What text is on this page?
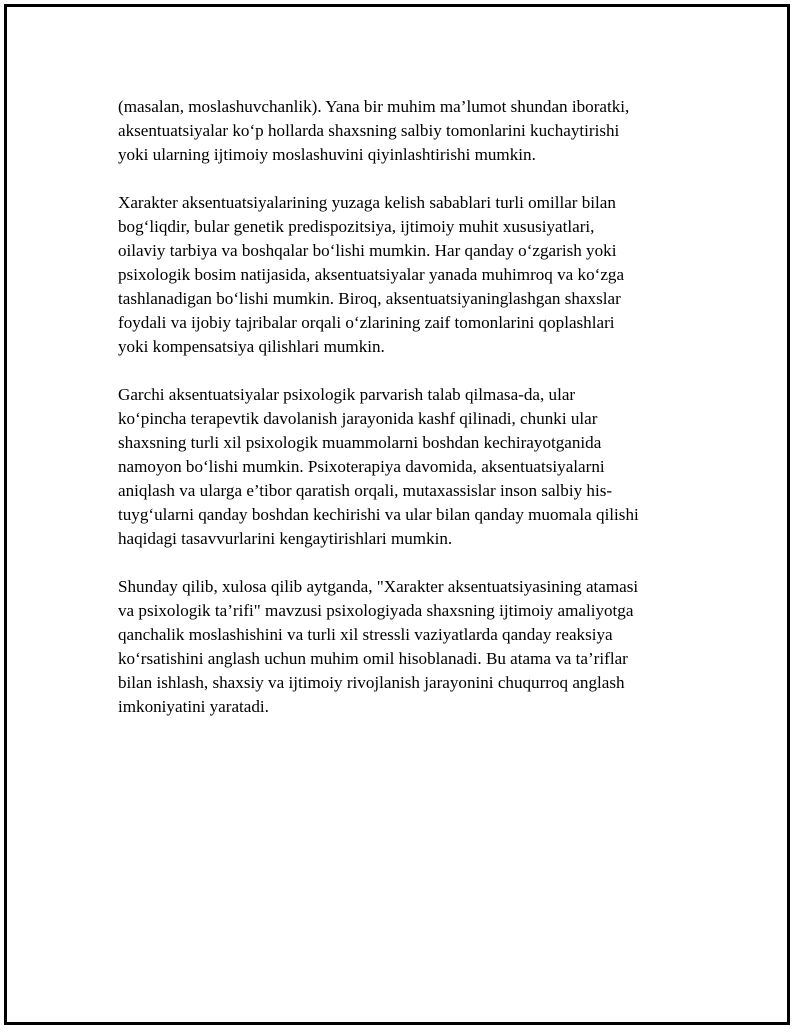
(masalan, moslashuvchanlik). Yana bir muhim ma’lumot shundan iboratki,
aksentuatsiyalar ko‘p hollarda shaxsning salbiy tomonlarini kuchaytirishi
yoki ularning ijtimoiy moslashuvini qiyinlashtirishi mumkin.

Xarakter aksentuatsiyalarining yuzaga kelish sabablari turli omillar bilan
bog‘liqdir, bular genetik predispozitsiya, ijtimoiy muhit xususiyatlari,
oilaviy tarbiya va boshqalar bo‘lishi mumkin. Har qanday o‘zgarish yoki
psixologik bosim natijasida, aksentuatsiyalar yanada muhimroq va ko‘zga
tashlanadigan bo‘lishi mumkin. Biroq, aksentuatsiyaninglashgan shaxslar
foydali va ijobiy tajribalar orqali o‘zlarining zaif tomonlarini qoplashlari
yoki kompensatsiya qilishlari mumkin.

Garchi aksentuatsiyalar psixologik parvarish talab qilmasa-da, ular
ko‘pincha terapevtik davolanish jarayonida kashf qilinadi, chunki ular
shaxsning turli xil psixologik muammolarni boshdan kechirayotganida
namoyon bo‘lishi mumkin. Psixoterapiya davomida, aksentuatsiyalarni
aniqlash va ularga e’tibor qaratish orqali, mutaxassislar inson salbiy his-
tuyg‘ularni qanday boshdan kechirishi va ular bilan qanday muomala qilishi
haqidagi tasavvurlarini kengaytirishlari mumkin.

Shunday qilib, xulosa qilib aytganda, "Xarakter aksentuatsiyasining atamasi
va psixologik ta’rifi" mavzusi psixologiyada shaxsning ijtimoiy amaliyotga
qanchalik moslashishini va turli xil stressli vaziyatlarda qanday reaksiya
ko‘rsatishini anglash uchun muhim omil hisoblanadi. Bu atama va ta’riflar
bilan ishlash, shaxsiy va ijtimoiy rivojlanish jarayonini chuqurroq anglash
imkoniyatini yaratadi.
